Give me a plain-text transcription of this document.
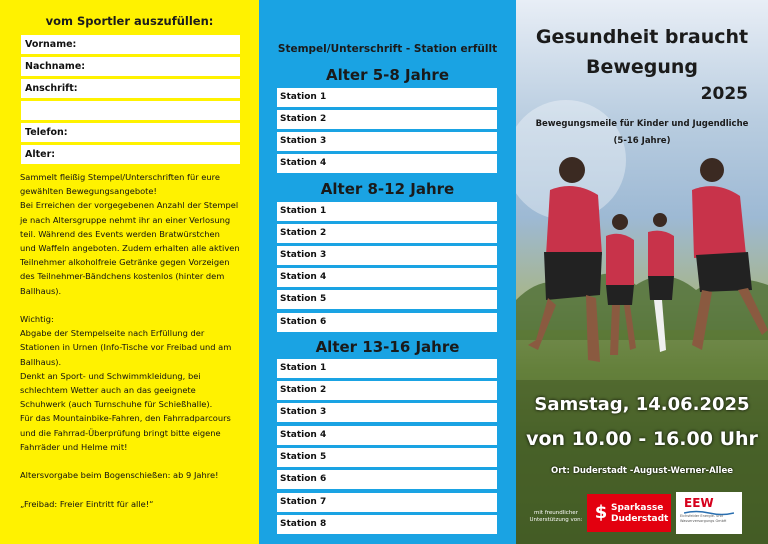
vom Sportler auszufüllen:
Vorname:
Nachname:
Anschrift:
Telefon:
Alter:
Sammelt fleißig Stempel/Unterschriften für eure
gewählten Bewegungsangebote!
Bei Erreichen der vorgegebenen Anzahl der Stempel
je nach Altersgruppe nehmt ihr an einer Verlosung
teil. Während des Events werden Bratwürstchen
und Waffeln angeboten. Zudem erhalten alle aktiven
Teilnehmer alkoholfreie Getränke gegen Vorzeigen
des Teilnehmer-Bändchens kostenlos (hinter dem
Ballhaus).
Wichtig:
Abgabe der Stempelseite nach Erfüllung der
Stationen in Urnen (Info-Tische vor Freibad und am
Ballhaus).
Denkt an Sport- und Schwimmkleidung, bei
schlechtem Wetter auch an das geeignete
Schuhwerk (auch Turnschuhe für Schießhalle).
Für das Mountainbike-Fahren, den Fahrradparcours
und die Fahrrad-Überprüfung bringt bitte eigene
Fahrräder und Helme mit!
Altersvorgabe beim Bogenschießen: ab 9 Jahre!
„Freibad: Freier Eintritt für alle!“
Stempel/Unterschrift - Station erfüllt
Alter 5-8 Jahre
Alter 8-12 Jahre
Alter 13-16 Jahre
Station 1
Station 2
Station 3
Station 4
Station 1
Station 2
Station 3
Station 4
Station 5
Station 6
Station 1
Station 2
Station 3
Station 4
Station 5
Station 6
Station 7
Station 8
Gesundheit braucht
Bewegung
2025
Bewegungsmeile für Kinder und Jugendliche
(5-16 Jahre)
Samstag, 14.06.2025
von 10.00 - 16.00 Uhr
Ort: Duderstadt -August-Werner-Allee
mit freundlicher Unterstützung von: $ Sparkasse
Duderstadt
EEW
Eichsfelder Energie- und Wasserversorgungs GmbH
